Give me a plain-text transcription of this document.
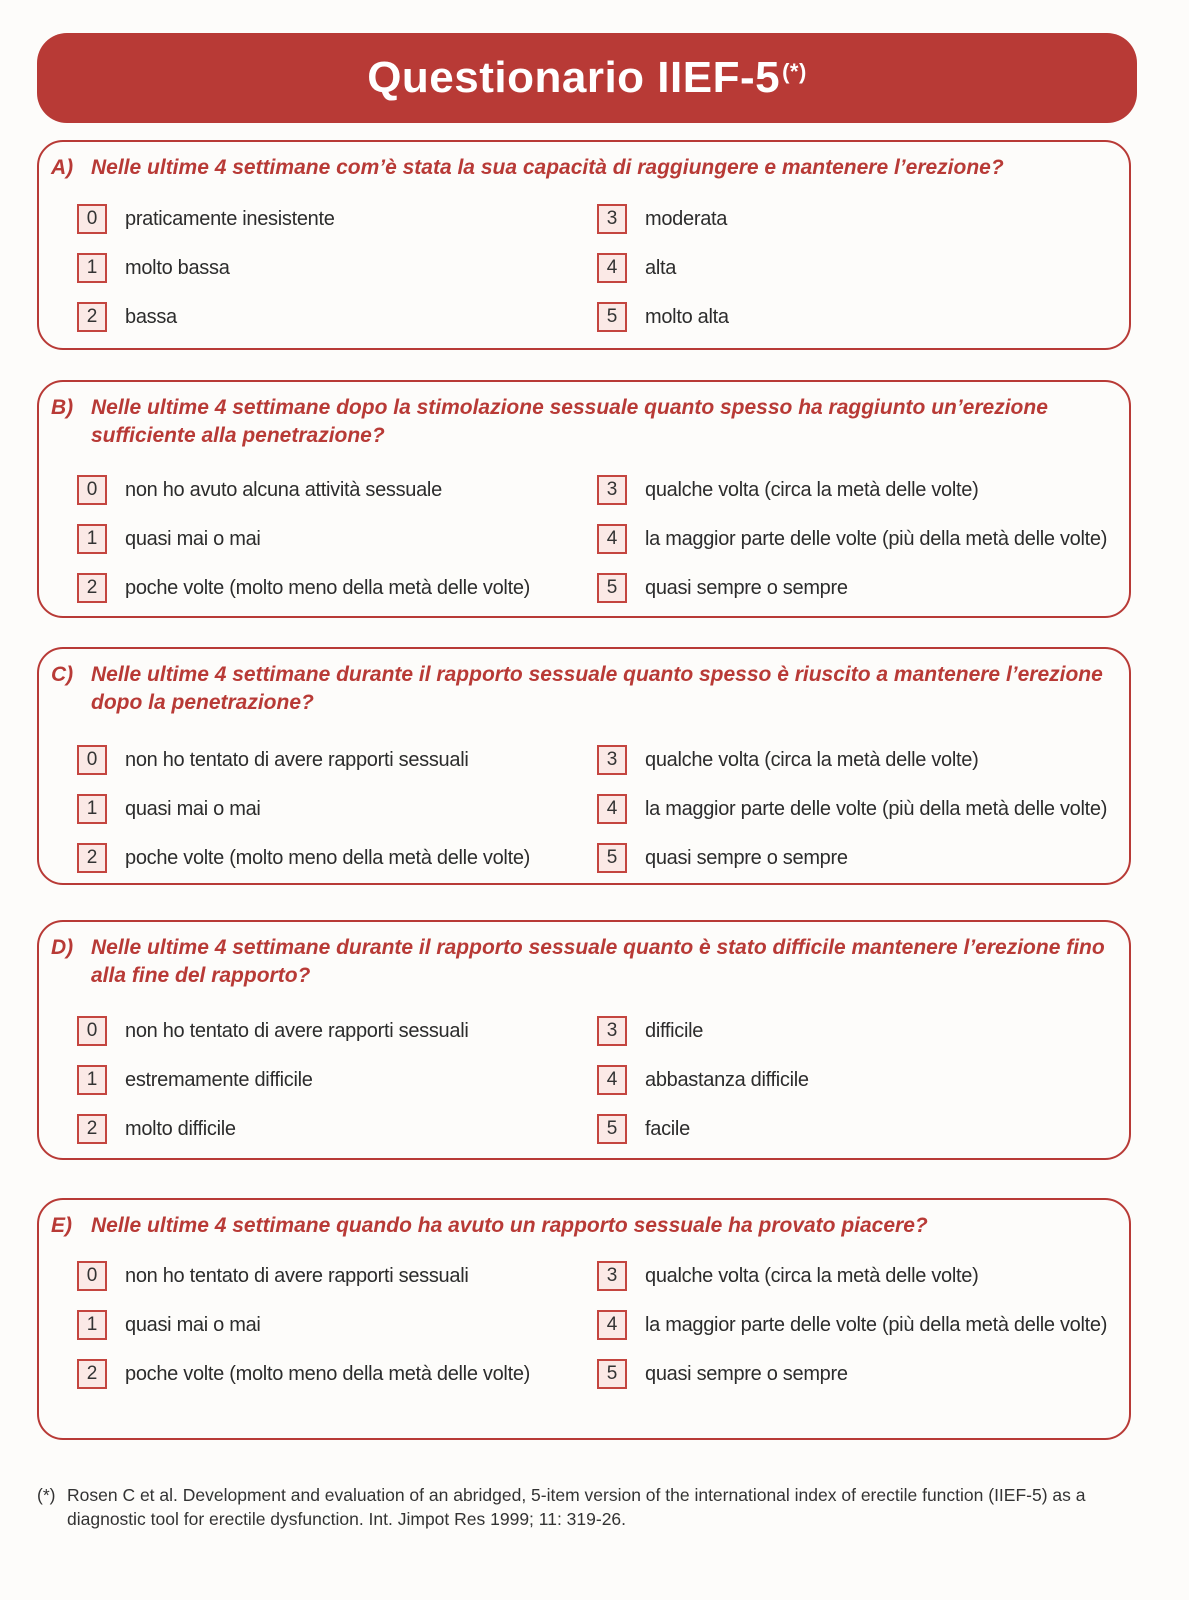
Questionario IIEF-5(*)
A) Nelle ultime 4 settimane com’è stata la sua capacità di raggiungere e mantenere l’erezione?
0	praticamente inesistente
1	molto bassa
2	bassa
3	moderata
4	alta
5	molto alta
B) Nelle ultime 4 settimane dopo la stimolazione sessuale quanto spesso ha raggiunto un’erezione sufficiente alla penetrazione?
0	non ho avuto alcuna attività sessuale
1	quasi mai o mai
2	poche volte (molto meno della metà delle volte)
3	qualche volta (circa la metà delle volte)
4	la maggior parte delle volte (più della metà delle volte)
5	quasi sempre o sempre
C) Nelle ultime 4 settimane durante il rapporto sessuale quanto spesso è riuscito a mantenere l’erezione dopo la penetrazione?
0	non ho tentato di avere rapporti sessuali
1	quasi mai o mai
2	poche volte (molto meno della metà delle volte)
3	qualche volta (circa la metà delle volte)
4	la maggior parte delle volte (più della metà delle volte)
5	quasi sempre o sempre
D) Nelle ultime 4 settimane durante il rapporto sessuale quanto è stato difficile mantenere l’erezione fino alla fine del rapporto?
0	non ho tentato di avere rapporti sessuali
1	estremamente difficile
2	molto difficile
3	difficile
4	abbastanza difficile
5	facile
E) Nelle ultime 4 settimane quando ha avuto un rapporto sessuale ha provato piacere?
0	non ho tentato di avere rapporti sessuali
1	quasi mai o mai
2	poche volte (molto meno della metà delle volte)
3	qualche volta (circa la metà delle volte)
4	la maggior parte delle volte (più della metà delle volte)
5	quasi sempre o sempre
(*) Rosen C et al. Development and evaluation of an abridged, 5-item version of the international index of erectile function (IIEF-5) as a diagnostic tool for erectile dysfunction. Int. Jimpot Res 1999; 11: 319-26.
